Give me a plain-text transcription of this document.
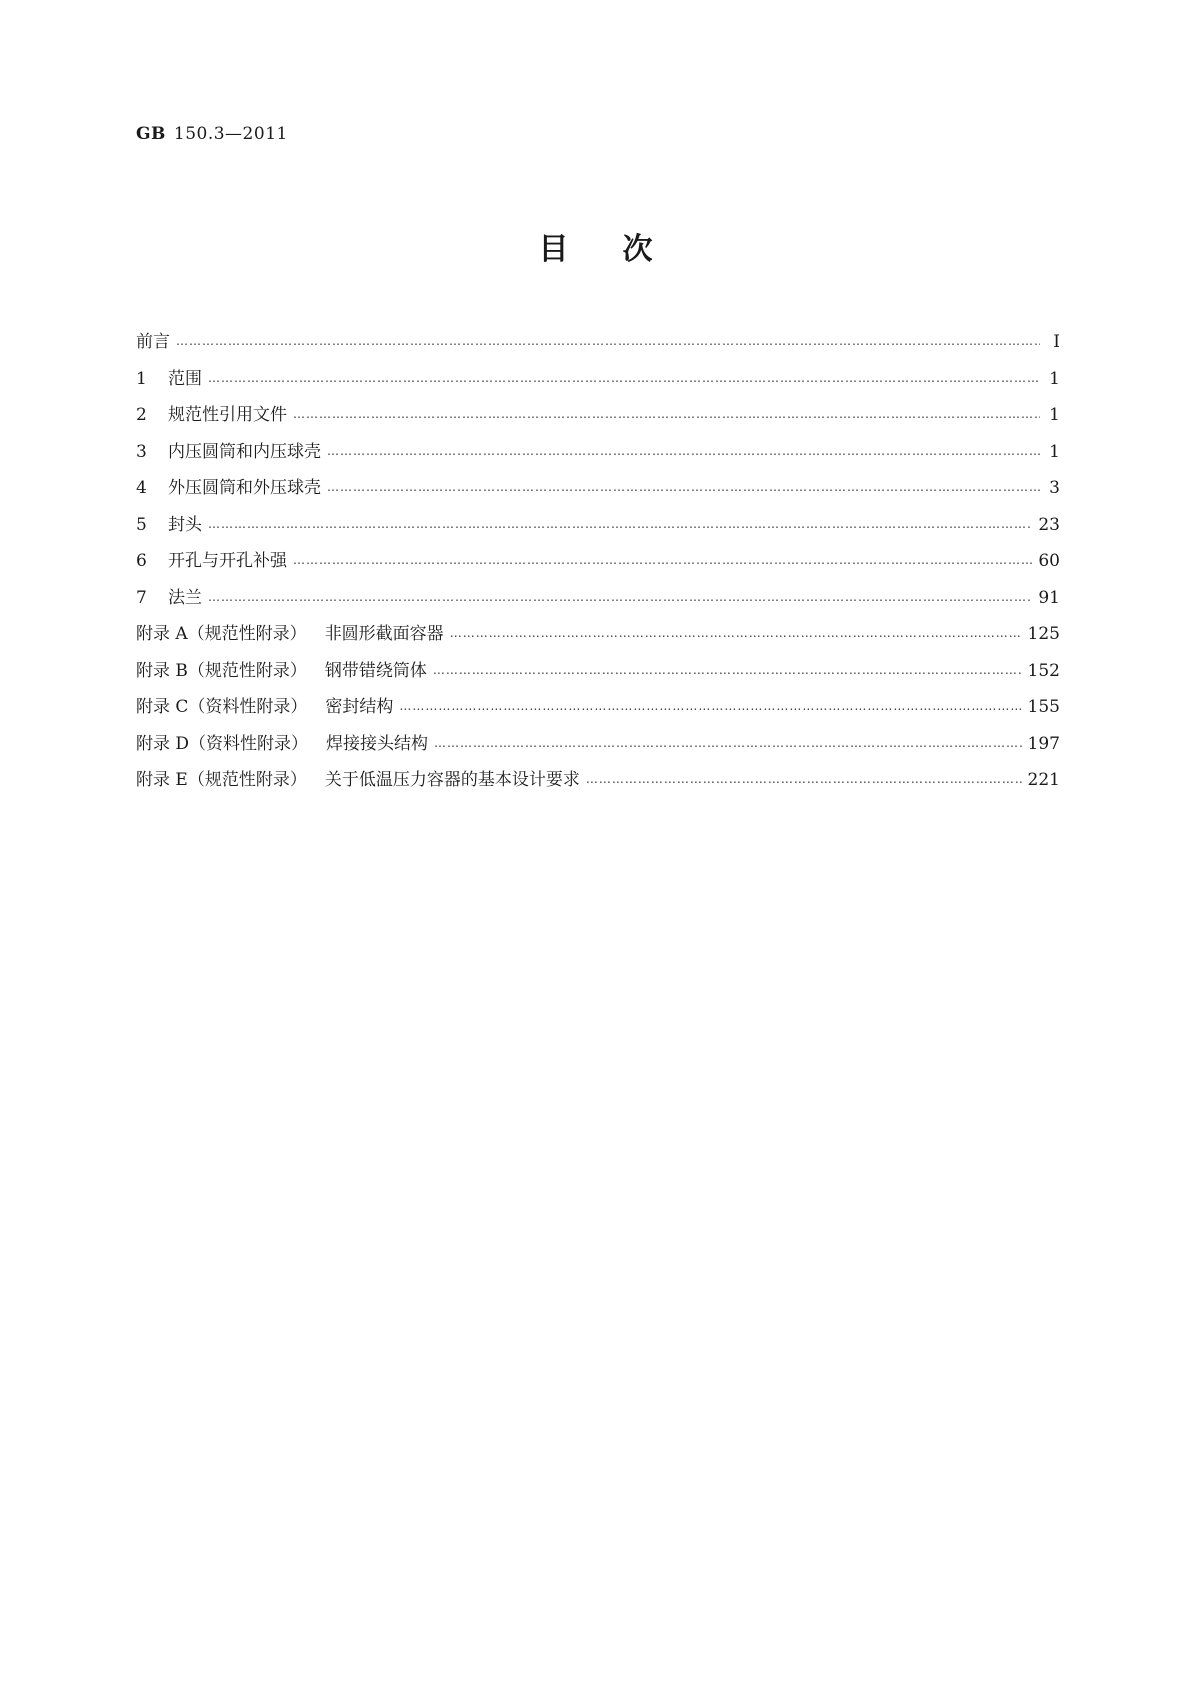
GB 150.3—2011
目次
前言 …………………………………………………………………………………………………………………………………………………………………………………………………………	Ⅰ
1	范围 …………………………………………………………………………………………………………………………………………………………………………………………………………	1
2	规范性引用文件 …………………………………………………………………………………………………………………………………………………………………………………………………………	1
3	内压圆筒和内压球壳 …………………………………………………………………………………………………………………………………………………………………………………………………………	1
4	外压圆筒和外压球壳 …………………………………………………………………………………………………………………………………………………………………………………………………………	3
5	封头 …………………………………………………………………………………………………………………………………………………………………………………………………………	23
6	开孔与开孔补强 …………………………………………………………………………………………………………………………………………………………………………………………………………	60
7	法兰 …………………………………………………………………………………………………………………………………………………………………………………………………………	91
附录 A（规范性附录） 非圆形截面容器 …………………………………………………………………………………………………………………………………………………………………………………………………………	125
附录 B（规范性附录） 钢带错绕筒体 …………………………………………………………………………………………………………………………………………………………………………………………………………	152
附录 C（资料性附录） 密封结构 …………………………………………………………………………………………………………………………………………………………………………………………………………	155
附录 D（资料性附录） 焊接接头结构 …………………………………………………………………………………………………………………………………………………………………………………………………………	197
附录 E（规范性附录） 关于低温压力容器的基本设计要求 …………………………………………………………………………………………………………………………………………………………………………………………………………	221
